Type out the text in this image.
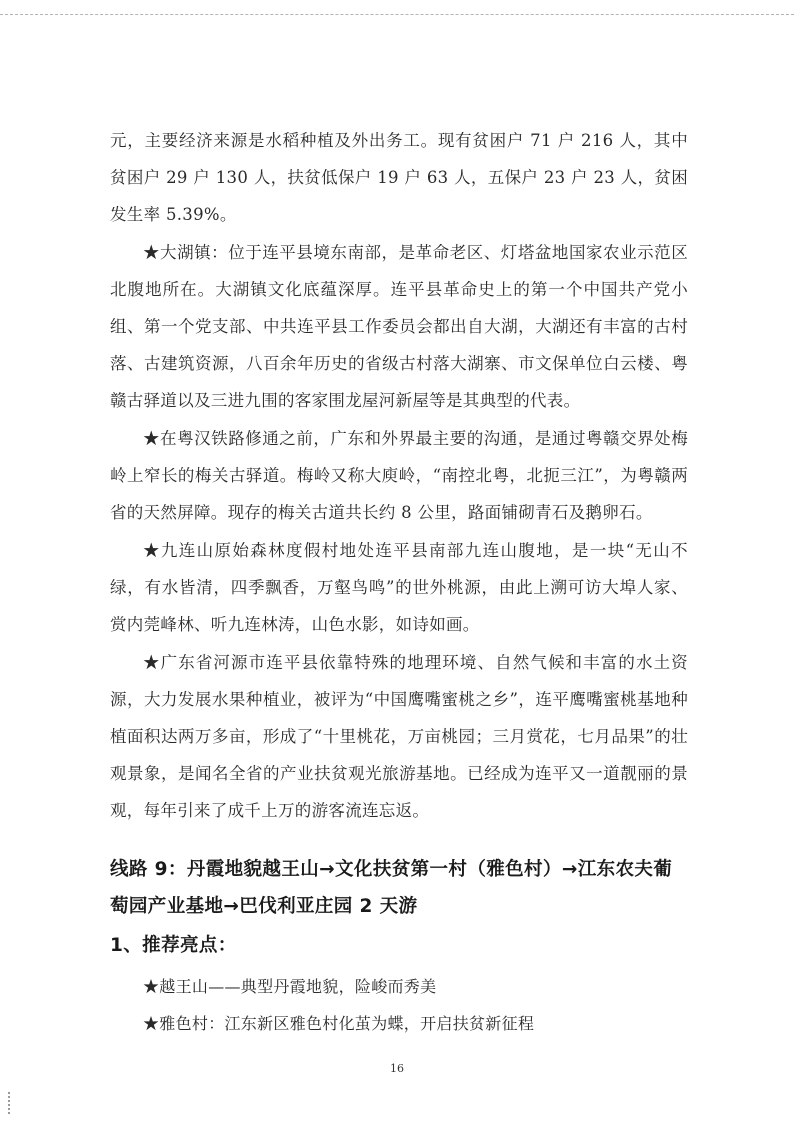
元，主要经济来源是水稻种植及外出务工。现有贫困户 71 户 216 人，其中贫困户 29 户 130 人，扶贫低保户 19 户 63 人，五保户 23 户 23 人，贫困发生率 5.39%。

★大湖镇：位于连平县境东南部，是革命老区、灯塔盆地国家农业示范区北腹地所在。大湖镇文化底蕴深厚。连平县革命史上的第一个中国共产党小组、第一个党支部、中共连平县工作委员会都出自大湖，大湖还有丰富的古村落、古建筑资源，八百余年历史的省级古村落大湖寨、市文保单位白云楼、粤赣古驿道以及三进九围的客家围龙屋河新屋等是其典型的代表。

★在粤汉铁路修通之前，广东和外界最主要的沟通，是通过粤赣交界处梅岭上窄长的梅关古驿道。梅岭又称大庾岭，“南控北粤，北扼三江”，为粤赣两省的天然屏障。现存的梅关古道共长约 8 公里，路面铺砌青石及鹅卵石。

★九连山原始森林度假村地处连平县南部九连山腹地，是一块“无山不绿，有水皆清，四季飘香，万壑鸟鸣”的世外桃源，由此上溯可访大埠人家、赏内莞峰林、听九连林涛，山色水影，如诗如画。

★广东省河源市连平县依靠特殊的地理环境、自然气候和丰富的水土资源，大力发展水果种植业，被评为“中国鹰嘴蜜桃之乡”，连平鹰嘴蜜桃基地种植面积达两万多亩，形成了“十里桃花，万亩桃园；三月赏花，七月品果”的壮观景象，是闻名全省的产业扶贫观光旅游基地。已经成为连平又一道靓丽的景观，每年引来了成千上万的游客流连忘返。

线路 9：丹霞地貌越王山→文化扶贫第一村（雅色村）→江东农夫葡萄园产业基地→巴伐利亚庄园 2 天游
1、推荐亮点：

★越王山——典型丹霞地貌，险峻而秀美

★雅色村：江东新区雅色村化茧为蝶，开启扶贫新征程

16
